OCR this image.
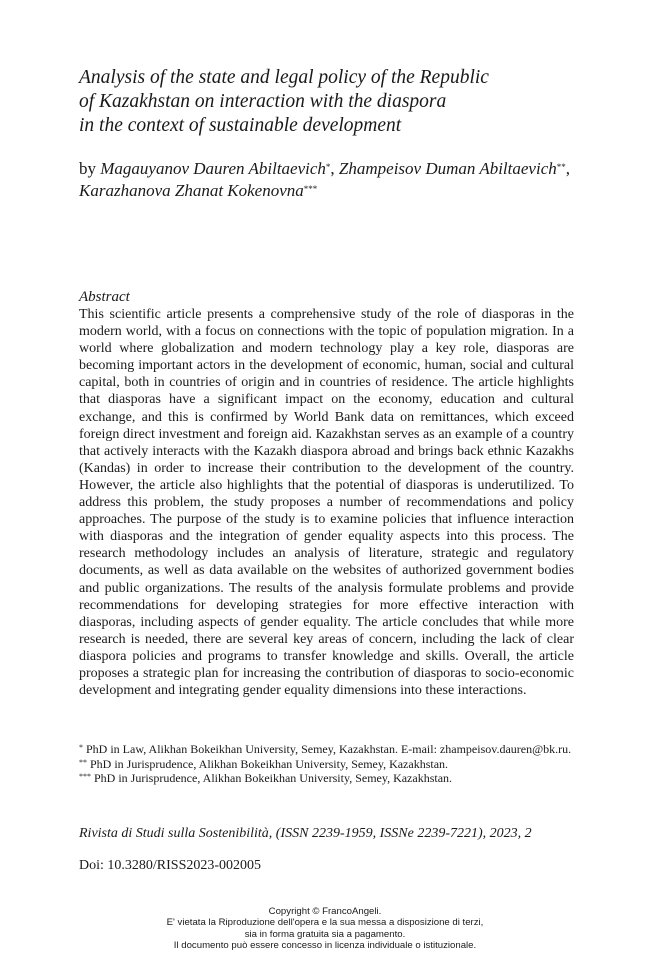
Analysis of the state and legal policy of the Republic
of Kazakhstan on interaction with the diaspora
in the context of sustainable development
by Magauyanov Dauren Abiltaevich*, Zhampeisov Duman Abiltaevich**, Karazhanova Zhanat Kokenovna***
Abstract
This scientific article presents a comprehensive study of the role of diasporas in the modern world, with a focus on connections with the topic of population migration. In a world where globalization and modern technology play a key role, diasporas are becoming important actors in the development of economic, human, social and cultural capital, both in countries of origin and in countries of residence. The article highlights that diasporas have a significant impact on the economy, education and cultural exchange, and this is confirmed by World Bank data on remittances, which exceed foreign direct investment and foreign aid. Kazakhstan serves as an example of a country that actively interacts with the Kazakh diaspora abroad and brings back ethnic Kazakhs (Kandas) in order to increase their contribution to the development of the country. However, the article also highlights that the potential of diasporas is underutilized. To address this problem, the study proposes a number of recommendations and policy approaches. The purpose of the study is to examine policies that influence interaction with diasporas and the integration of gender equality aspects into this process. The research methodology includes an analysis of literature, strategic and regulatory documents, as well as data available on the websites of authorized government bodies and public organizations. The results of the analysis formulate problems and provide recommendations for developing strategies for more effective interaction with diasporas, including aspects of gender equality. The article concludes that while more research is needed, there are several key areas of concern, including the lack of clear diaspora policies and programs to transfer knowledge and skills. Overall, the article proposes a strategic plan for increasing the contribution of diasporas to socio-economic development and integrating gender equality dimensions into these interactions.
* PhD in Law, Alikhan Bokeikhan University, Semey, Kazakhstan. E-mail: zhampeisov.dauren@bk.ru.
** PhD in Jurisprudence, Alikhan Bokeikhan University, Semey, Kazakhstan.
*** PhD in Jurisprudence, Alikhan Bokeikhan University, Semey, Kazakhstan.
Rivista di Studi sulla Sostenibilità, (ISSN 2239-1959, ISSNe 2239-7221), 2023, 2
Doi: 10.3280/RISS2023-002005
Copyright © FrancoAngeli.
E' vietata la Riproduzione dell'opera e la sua messa a disposizione di terzi,
sia in forma gratuita sia a pagamento.
Il documento può essere concesso in licenza individuale o istituzionale.
